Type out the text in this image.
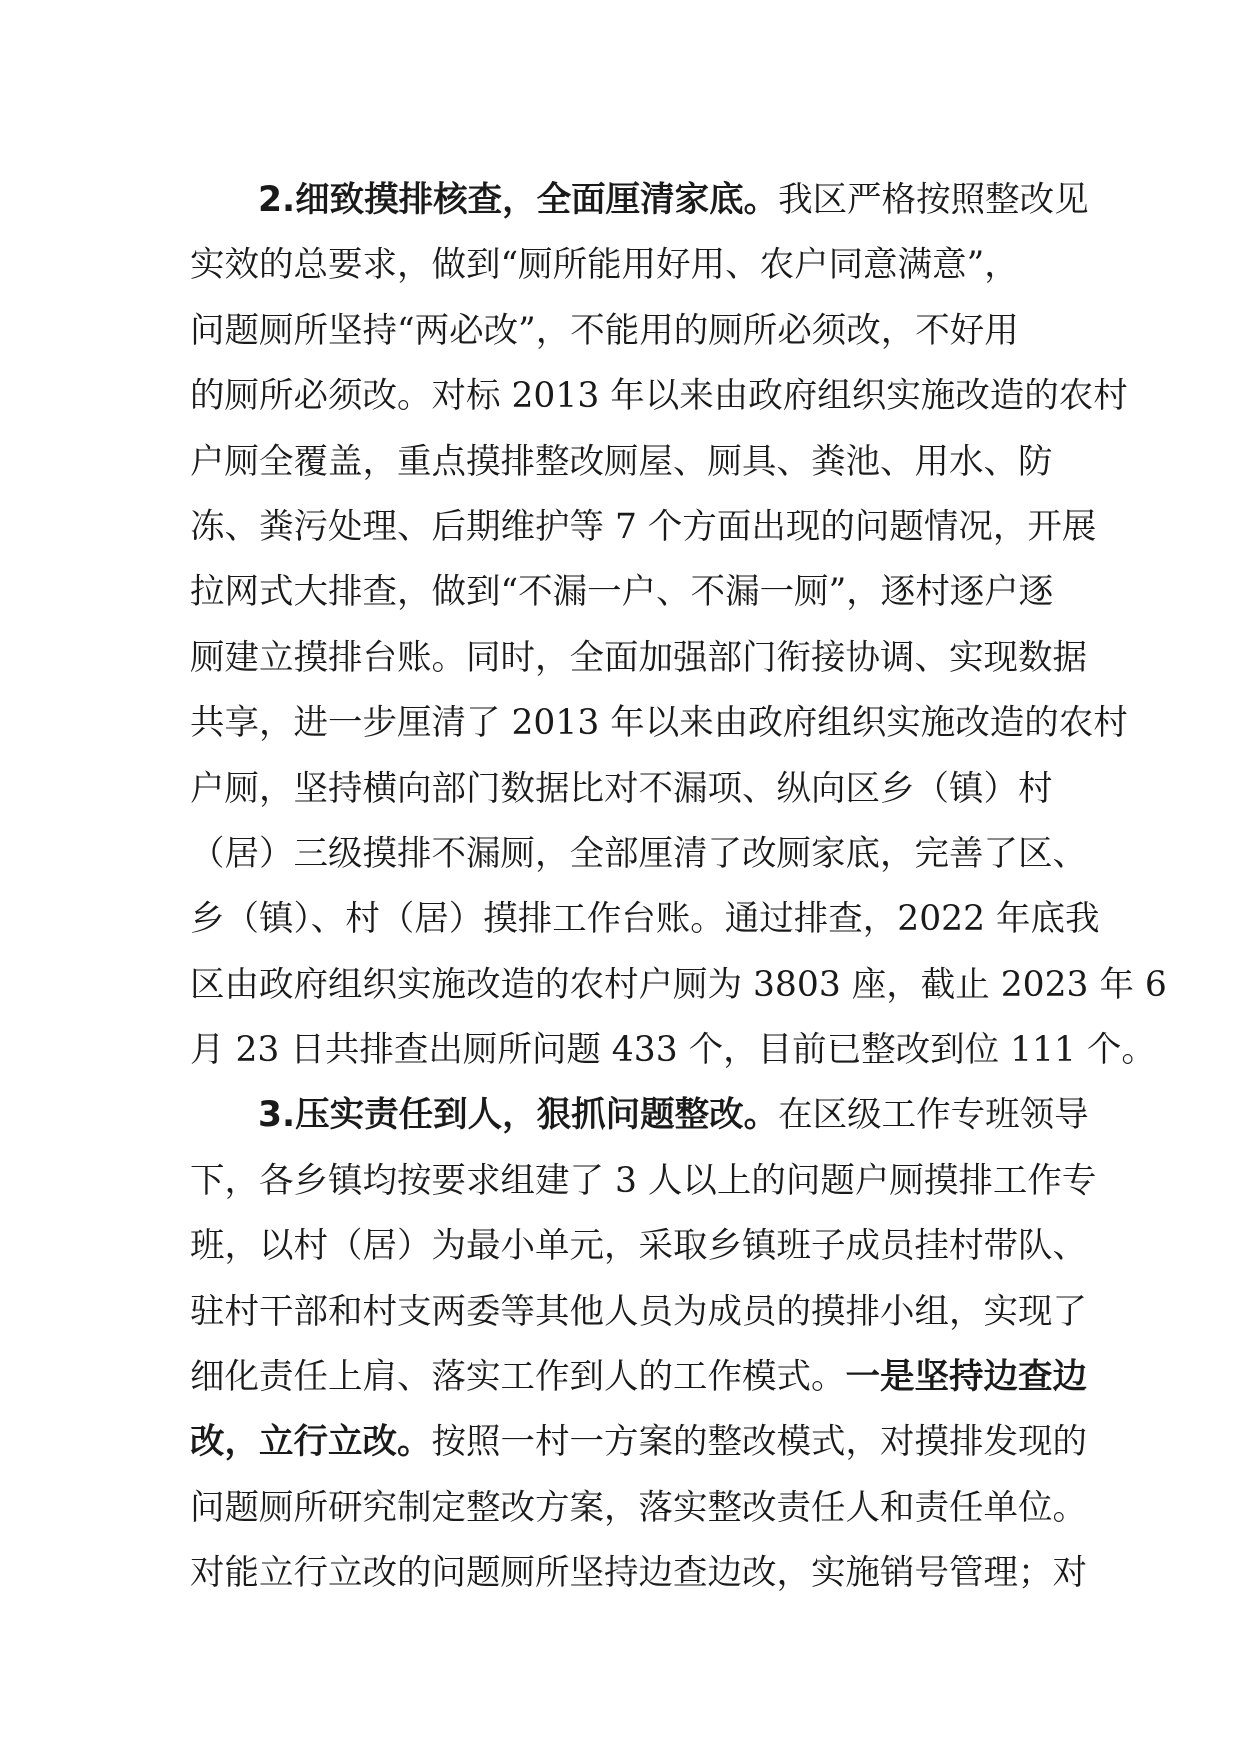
2.细致摸排核查，全面厘清家底。我区严格按照整改见
实效的总要求，做到“厕所能用好用、农户同意满意”，
问题厕所坚持“两必改”，不能用的厕所必须改，不好用
的厕所必须改。对标 2013 年以来由政府组织实施改造的农村
户厕全覆盖，重点摸排整改厕屋、厕具、粪池、用水、防
冻、粪污处理、后期维护等 7 个方面出现的问题情况，开展
拉网式大排查，做到“不漏一户、不漏一厕”，逐村逐户逐
厕建立摸排台账。同时，全面加强部门衔接协调、实现数据
共享，进一步厘清了 2013 年以来由政府组织实施改造的农村
户厕，坚持横向部门数据比对不漏项、纵向区乡（镇）村
（居）三级摸排不漏厕，全部厘清了改厕家底，完善了区、
乡（镇）、村（居）摸排工作台账。通过排查，2022 年底我
区由政府组织实施改造的农村户厕为 3803 座，截止 2023 年 6
月 23 日共排查出厕所问题 433 个，目前已整改到位 111 个。
3.压实责任到人，狠抓问题整改。在区级工作专班领导
下，各乡镇均按要求组建了 3 人以上的问题户厕摸排工作专
班，以村（居）为最小单元，采取乡镇班子成员挂村带队、
驻村干部和村支两委等其他人员为成员的摸排小组，实现了
细化责任上肩、落实工作到人的工作模式。一是坚持边查边
改，立行立改。按照一村一方案的整改模式，对摸排发现的
问题厕所研究制定整改方案，落实整改责任人和责任单位。
对能立行立改的问题厕所坚持边查边改，实施销号管理；对
